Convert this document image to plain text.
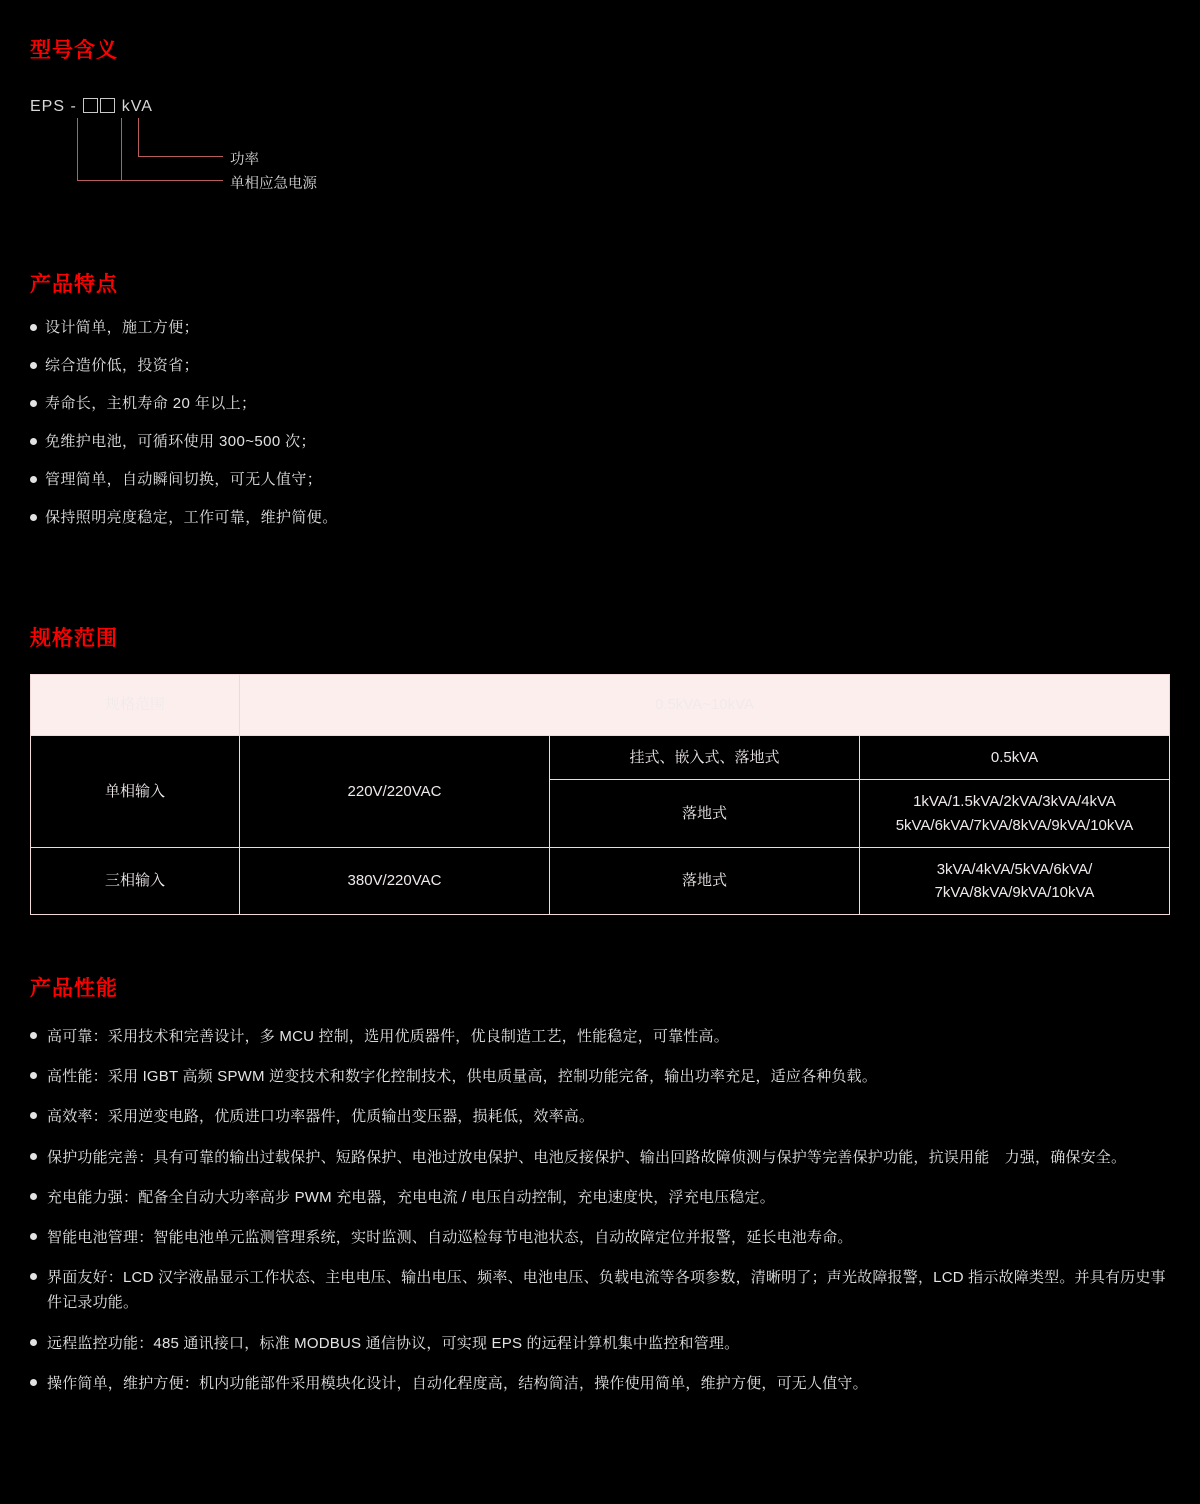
型号含义
EPS -	kVA
功率
单相应急电源
产品特点
设计简单，施工方便；
综合造价低，投资省；
寿命长，主机寿命 20 年以上；
免维护电池，可循环使用 300~500 次；
管理简单，自动瞬间切换，可无人值守；
保持照明亮度稳定，工作可靠，维护简便。
规格范围
规格范围	0.5kVA~10kVA		
单相输入	220V/220VAC	挂式、嵌入式、落地式	0.5kVA
		落地式	1kVA/1.5kVA/2kVA/3kVA/4kVA
5kVA/6kVA/7kVA/8kVA/9kVA/10kVA
三相输入	380V/220VAC	落地式	3kVA/4kVA/5kVA/6kVA/ 7kVA/8kVA/9kVA/10kVA
产品性能
高可靠：采用技术和完善设计，多 MCU 控制，选用优质器件，优良制造工艺，性能稳定，可靠性高。
高性能：采用 IGBT 高频 SPWM 逆变技术和数字化控制技术，供电质量高，控制功能完备，输出功率充足，适应各种负载。
高效率：采用逆变电路，优质进口功率器件，优质输出变压器，损耗低，效率高。
保护功能完善：具有可靠的输出过载保护、短路保护、电池过放电保护、电池反接保护、输出回路故障侦测与保护等完善保护功能，抗误用能　力强，确保安全。
充电能力强：配备全自动大功率高步 PWM 充电器，充电电流 / 电压自动控制，充电速度快，浮充电压稳定。
智能电池管理：智能电池单元监测管理系统，实时监测、自动巡检每节电池状态，自动故障定位并报警，延长电池寿命。
界面友好：LCD 汉字液晶显示工作状态、主电电压、输出电压、频率、电池电压、负载电流等各项参数，清晰明了；声光故障报警，LCD 指示故障类型。并具有历史事件记录功能。
远程监控功能：485 通讯接口，标准 MODBUS 通信协议，可实现 EPS 的远程计算机集中监控和管理。
操作简单，维护方便：机内功能部件采用模块化设计，自动化程度高，结构简洁，操作使用简单，维护方便，可无人值守。
